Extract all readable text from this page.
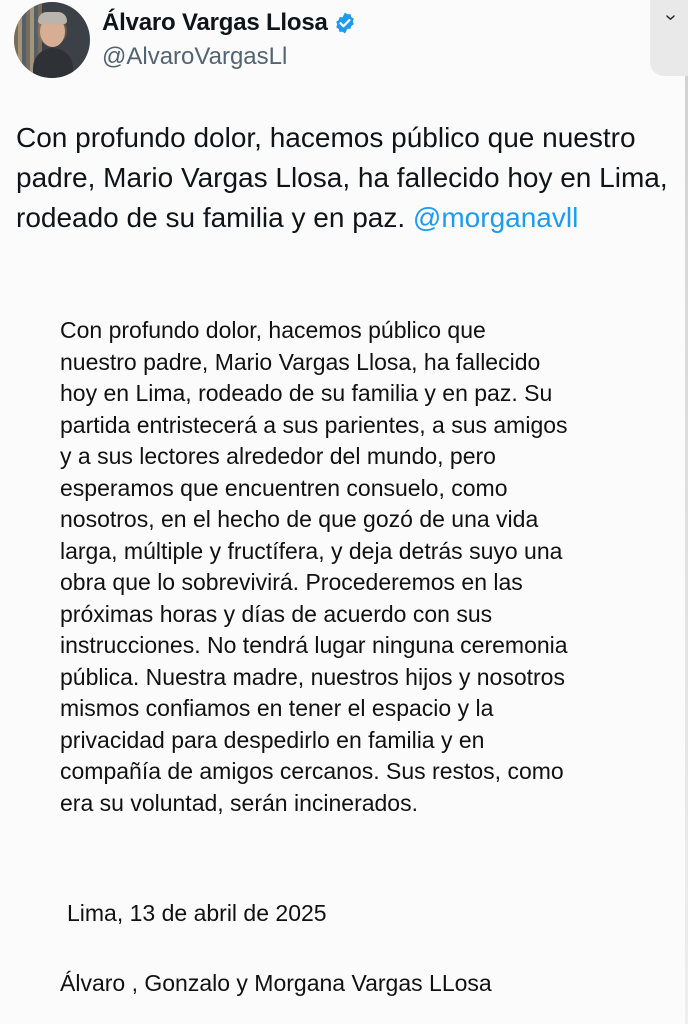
Álvaro Vargas Llosa
@AlvaroVargasLl
›
Con profundo dolor, hacemos público que nuestro padre, Mario Vargas Llosa, ha fallecido hoy en Lima, rodeado de su familia y en paz. @morganavll
Con profundo dolor, hacemos público que
nuestro padre, Mario Vargas Llosa, ha fallecido
hoy en Lima, rodeado de su familia y en paz. Su
partida entristecerá a sus parientes, a sus amigos
y a sus lectores alrededor del mundo, pero
esperamos que encuentren consuelo, como
nosotros, en el hecho de que gozó de una vida
larga, múltiple y fructífera, y deja detrás suyo una
obra que lo sobrevivirá. Procederemos en las
próximas horas y días de acuerdo con sus
instrucciones. No tendrá lugar ninguna ceremonia
pública. Nuestra madre, nuestros hijos y nosotros
mismos confiamos en tener el espacio y la
privacidad para despedirlo en familia y en
compañía de amigos cercanos. Sus restos, como
era su voluntad, serán incinerados.
Lima, 13 de abril de 2025
Álvaro , Gonzalo y Morgana Vargas LLosa
